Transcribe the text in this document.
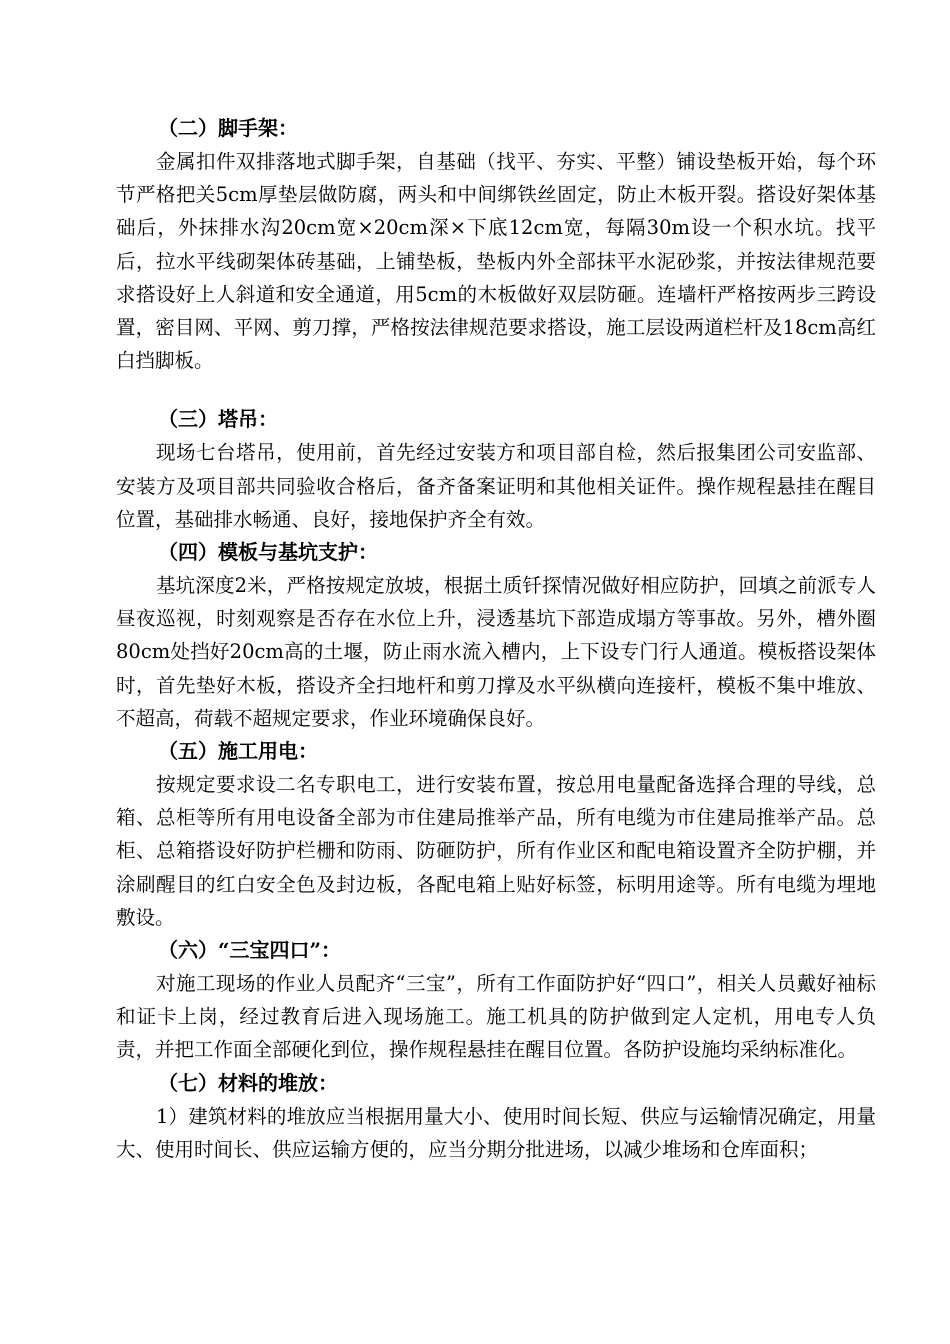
（二）脚手架：

金属扣件双排落地式脚手架，自基础（找平、夯实、平整）铺设垫板开始，每个环节严格把关5cm厚垫层做防腐，两头和中间绑铁丝固定，防止木板开裂。搭设好架体基础后，外抹排水沟20cm宽×20cm深×下底12cm宽，每隔30m设一个积水坑。找平后，拉水平线砌架体砖基础，上铺垫板，垫板内外全部抹平水泥砂浆，并按法律规范要求搭设好上人斜道和安全通道，用5cm的木板做好双层防砸。连墙杆严格按两步三跨设置，密目网、平网、剪刀撑，严格按法律规范要求搭设，施工层设两道栏杆及18cm高红白挡脚板。

（三）塔吊：

现场七台塔吊，使用前，首先经过安装方和项目部自检，然后报集团公司安监部、安装方及项目部共同验收合格后，备齐备案证明和其他相关证件。操作规程悬挂在醒目位置，基础排水畅通、良好，接地保护齐全有效。

（四）模板与基坑支护：

基坑深度2米，严格按规定放坡，根据土质钎探情况做好相应防护，回填之前派专人昼夜巡视，时刻观察是否存在水位上升，浸透基坑下部造成塌方等事故。另外，槽外圈80cm处挡好20cm高的土堰，防止雨水流入槽内，上下设专门行人通道。模板搭设架体时，首先垫好木板，搭设齐全扫地杆和剪刀撑及水平纵横向连接杆，模板不集中堆放、不超高，荷载不超规定要求，作业环境确保良好。

（五）施工用电：

按规定要求设二名专职电工，进行安装布置，按总用电量配备选择合理的导线，总箱、总柜等所有用电设备全部为市住建局推举产品，所有电缆为市住建局推举产品。总柜、总箱搭设好防护栏栅和防雨、防砸防护，所有作业区和配电箱设置齐全防护棚，并涂刷醒目的红白安全色及封边板，各配电箱上贴好标签，标明用途等。所有电缆为埋地敷设。

（六）“三宝四口”：

对施工现场的作业人员配齐“三宝”，所有工作面防护好“四口”，相关人员戴好袖标和证卡上岗，经过教育后进入现场施工。施工机具的防护做到定人定机，用电专人负责，并把工作面全部硬化到位，操作规程悬挂在醒目位置。各防护设施均采纳标准化。

（七）材料的堆放：

1）建筑材料的堆放应当根据用量大小、使用时间长短、供应与运输情况确定，用量大、使用时间长、供应运输方便的，应当分期分批进场，以减少堆场和仓库面积；
